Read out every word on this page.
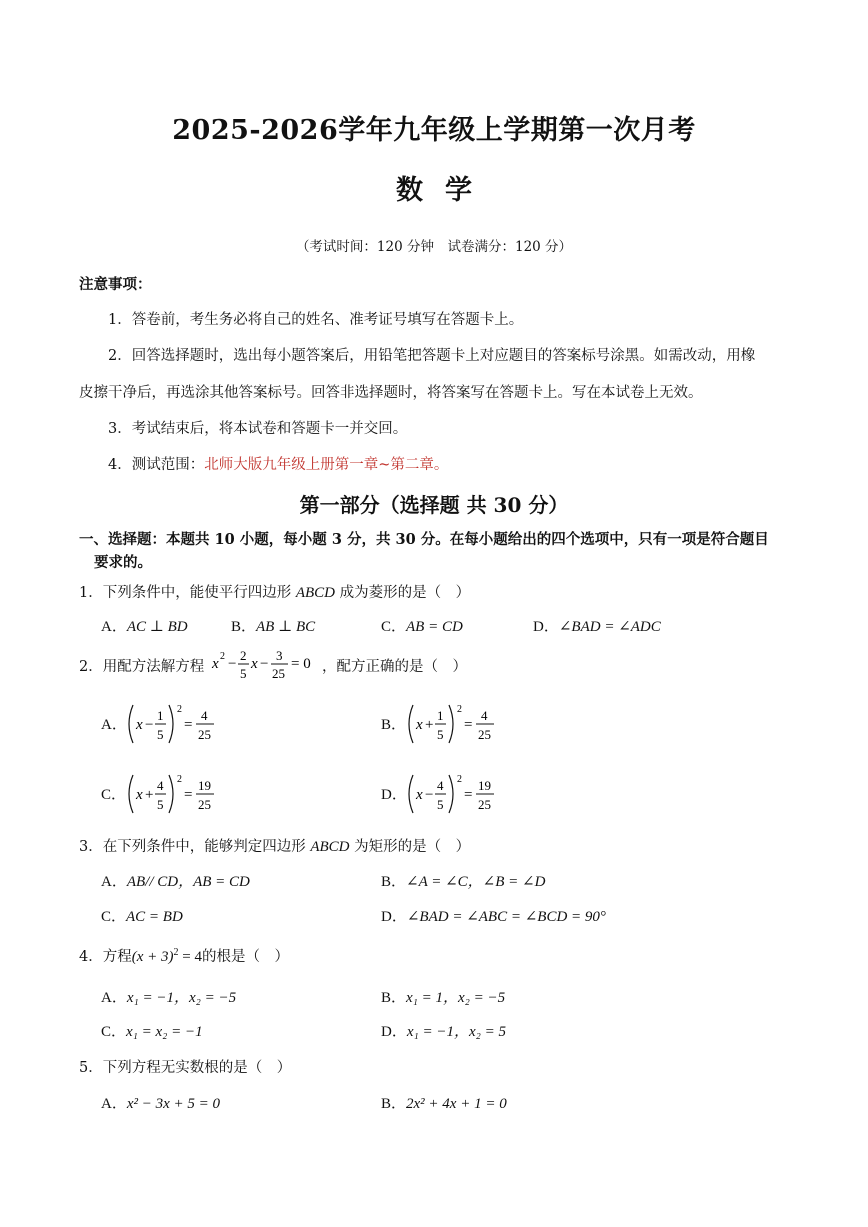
2025-2026学年九年级上学期第一次月考
数学
（考试时间：120 分钟　试卷满分：120 分）
注意事项：
1．答卷前，考生务必将自己的姓名、准考证号填写在答题卡上。
2．回答选择题时，选出每小题答案后，用铅笔把答题卡上对应题目的答案标号涂黑。如需改动，用橡
皮擦干净后，再选涂其他答案标号。回答非选择题时，将答案写在答题卡上。写在本试卷上无效。
3．考试结束后，将本试卷和答题卡一并交回。
4．测试范围：北师大版九年级上册第一章~第二章。
第一部分（选择题 共 30 分）
一、选择题：本题共 10 小题，每小题 3 分，共 30 分。在每小题给出的四个选项中，只有一项是符合题目
要求的。
1．下列条件中，能使平行四边形 ABCD 成为菱形的是（　）
A．AC ⊥ BD	B．AB ⊥ BC	C．AB = CD	D．∠BAD = ∠ADC
2．用配方法解方程 x 2 −
2
5
x −
3
25
= 0 ，配方正确的是（　）
A． x −
1
5
2
=
4
25
B． x +
1
5
2
=
4
25
C． x +
4
5
2
=
19
25
D． x −
4
5
2
=
19
25
3．在下列条件中，能够判定四边形 ABCD 为矩形的是（　）
A．AB// CD，AB = CD	B．∠A = ∠C，∠B = ∠D
C．AC = BD	D．∠BAD = ∠ABC = ∠BCD = 90°
4．方程$(x + 3)^2 = 4$的根是（　）
A．x₁ = −1，x₂ = −5	B．x₁ = 1，x₂ = −5
C．x₁ = x₂ = −1	D．x₁ = −1，x₂ = 5
5．下列方程无实数根的是（　）
A．x² − 3x + 5 = 0	B．2x² + 4x + 1 = 0
